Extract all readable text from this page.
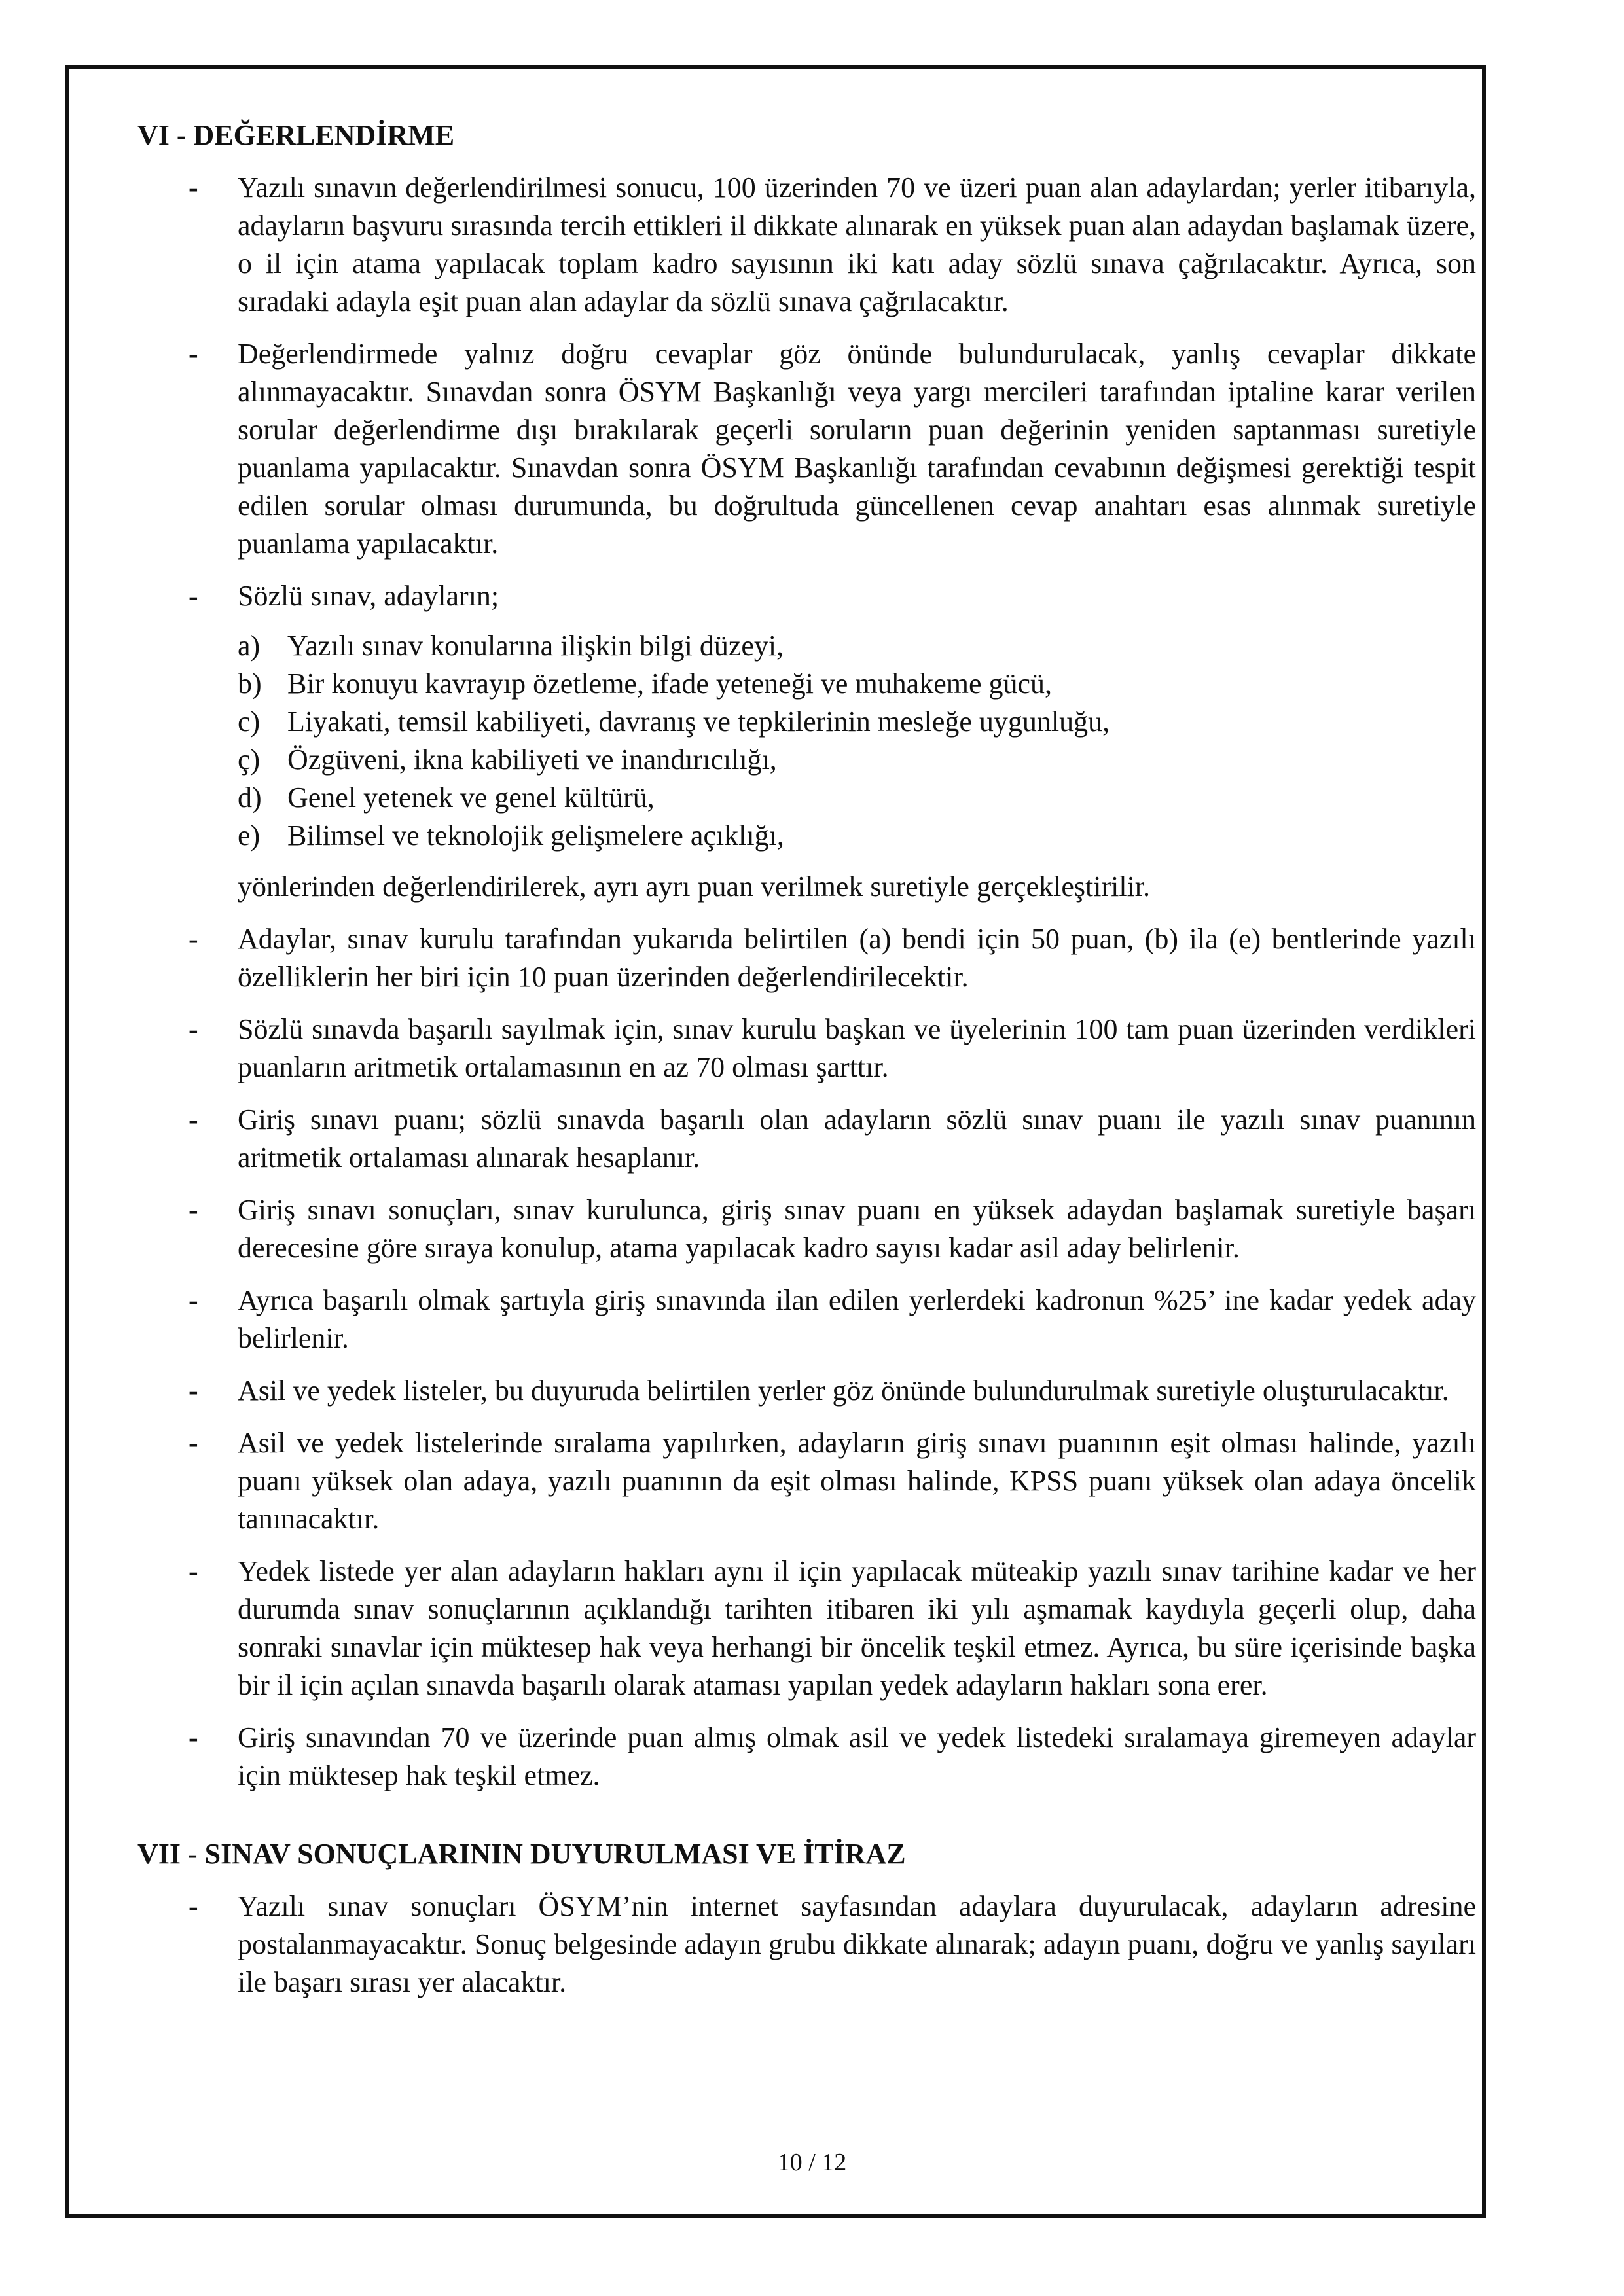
VI - DEĞERLENDİRME
-	Yazılı sınavın değerlendirilmesi sonucu, 100 üzerinden 70 ve üzeri puan alan adaylardan; yerler itibarıyla, adayların başvuru sırasında tercih ettikleri il dikkate alınarak en yüksek puan alan adaydan başlamak üzere, o il için atama yapılacak toplam kadro sayısının iki katı aday sözlü sınava çağrılacaktır. Ayrıca, son sıradaki adayla eşit puan alan adaylar da sözlü sınava çağrılacaktır.
-	Değerlendirmede yalnız doğru cevaplar göz önünde bulundurulacak, yanlış cevaplar dikkate alınmayacaktır. Sınavdan sonra ÖSYM Başkanlığı veya yargı mercileri tarafından iptaline karar verilen sorular değerlendirme dışı bırakılarak geçerli soruların puan değerinin yeniden saptanması suretiyle puanlama yapılacaktır. Sınavdan sonra ÖSYM Başkanlığı tarafından cevabının değişmesi gerektiği tespit edilen sorular olması durumunda, bu doğrultuda güncellenen cevap anahtarı esas alınmak suretiyle puanlama yapılacaktır.
-	Sözlü sınav, adayların;
a) Yazılı sınav konularına ilişkin bilgi düzeyi,
b) Bir konuyu kavrayıp özetleme, ifade yeteneği ve muhakeme gücü,
c) Liyakati, temsil kabiliyeti, davranış ve tepkilerinin mesleğe uygunluğu,
ç) Özgüveni, ikna kabiliyeti ve inandırıcılığı,
d) Genel yetenek ve genel kültürü,
e) Bilimsel ve teknolojik gelişmelere açıklığı,
yönlerinden değerlendirilerek, ayrı ayrı puan verilmek suretiyle gerçekleştirilir.
-	Adaylar, sınav kurulu tarafından yukarıda belirtilen (a) bendi için 50 puan, (b) ila (e) bentlerinde yazılı özelliklerin her biri için 10 puan üzerinden değerlendirilecektir.
-	Sözlü sınavda başarılı sayılmak için, sınav kurulu başkan ve üyelerinin 100 tam puan üzerinden verdikleri puanların aritmetik ortalamasının en az 70 olması şarttır.
-	Giriş sınavı puanı; sözlü sınavda başarılı olan adayların sözlü sınav puanı ile yazılı sınav puanının aritmetik ortalaması alınarak hesaplanır.
-	Giriş sınavı sonuçları, sınav kurulunca, giriş sınav puanı en yüksek adaydan başlamak suretiyle başarı derecesine göre sıraya konulup, atama yapılacak kadro sayısı kadar asil aday belirlenir.
-	Ayrıca başarılı olmak şartıyla giriş sınavında ilan edilen yerlerdeki kadronun %25’ ine kadar yedek aday belirlenir.
-	Asil ve yedek listeler, bu duyuruda belirtilen yerler göz önünde bulundurulmak suretiyle oluşturulacaktır.
-	Asil ve yedek listelerinde sıralama yapılırken, adayların giriş sınavı puanının eşit olması halinde, yazılı puanı yüksek olan adaya, yazılı puanının da eşit olması halinde, KPSS puanı yüksek olan adaya öncelik tanınacaktır.
-	Yedek listede yer alan adayların hakları aynı il için yapılacak müteakip yazılı sınav tarihine kadar ve her durumda sınav sonuçlarının açıklandığı tarihten itibaren iki yılı aşmamak kaydıyla geçerli olup, daha sonraki sınavlar için müktesep hak veya herhangi bir öncelik teşkil etmez. Ayrıca, bu süre içerisinde başka bir il için açılan sınavda başarılı olarak ataması yapılan yedek adayların hakları sona erer.
-	Giriş sınavından 70 ve üzerinde puan almış olmak asil ve yedek listedeki sıralamaya giremeyen adaylar için müktesep hak teşkil etmez.
VII - SINAV SONUÇLARININ DUYURULMASI VE İTİRAZ
-	Yazılı sınav sonuçları ÖSYM’nin internet sayfasından adaylara duyurulacak, adayların adresine postalanmayacaktır. Sonuç belgesinde adayın grubu dikkate alınarak; adayın puanı, doğru ve yanlış sayıları ile başarı sırası yer alacaktır.
10 / 12
